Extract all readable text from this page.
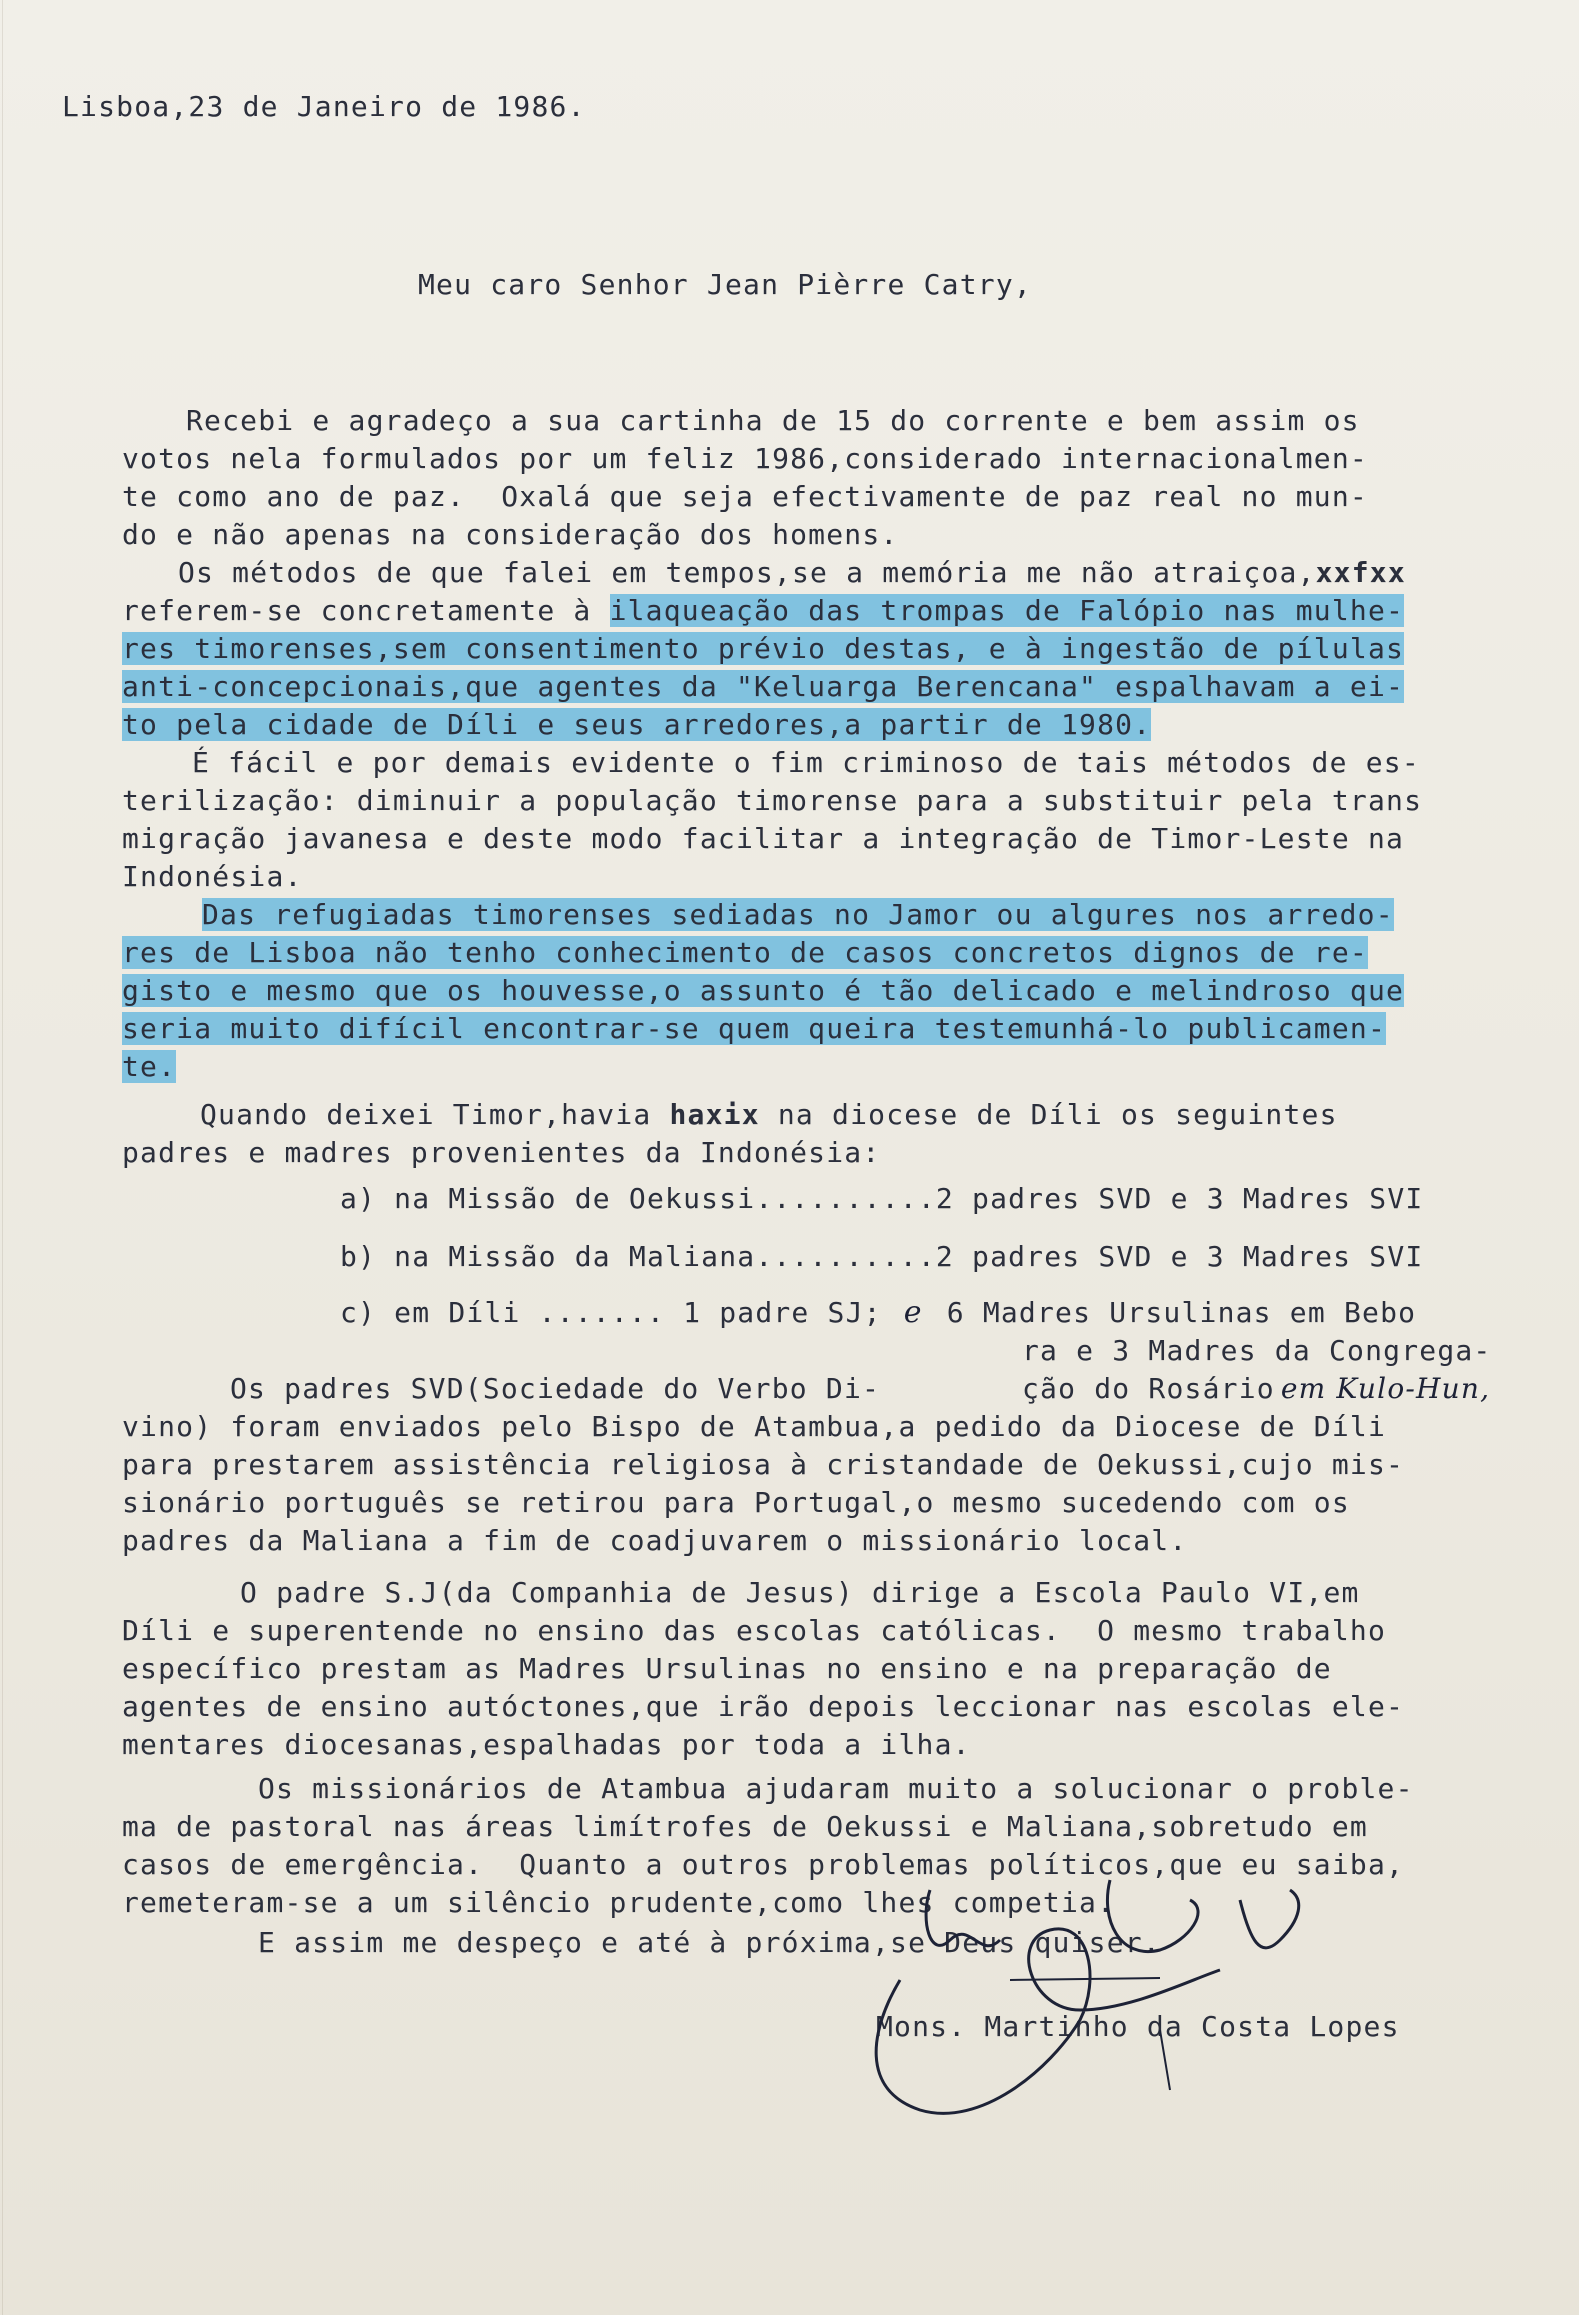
Lisboa,23 de Janeiro de 1986.
Meu caro Senhor Jean Pièrre Catry,
Recebi e agradeço a sua cartinha de 15 do corrente e bem assim os
votos nela formulados por um feliz 1986,considerado internacionalmen-
te como ano de paz.  Oxalá que seja efectivamente de paz real no mun-
do e não apenas na consideração dos homens.
Os métodos de que falei em tempos,se a memória me não atraiçoa,xxfxx
referem-se concretamente à ilaqueação das trompas de Falópio nas mulhe-
res timorenses,sem consentimento prévio destas, e à ingestão de pílulas
anti-concepcionais,que agentes da "Keluarga Berencana" espalhavam a ei-
to pela cidade de Díli e seus arredores,a partir de 1980.
É fácil e por demais evidente o fim criminoso de tais métodos de es-
terilização: diminuir a população timorense para a substituir pela trans
migração javanesa e deste modo facilitar a integração de Timor-Leste na
Indonésia.
Das refugiadas timorenses sediadas no Jamor ou algures nos arredo-
res de Lisboa não tenho conhecimento de casos concretos dignos de re-
gisto e mesmo que os houvesse,o assunto é tão delicado e melindroso que
seria muito difícil encontrar-se quem queira testemunhá-lo publicamen-
te.
Quando deixei Timor,havia haxix na diocese de Díli os seguintes
padres e madres provenientes da Indonésia:
a) na Missão de Oekussi..........2 padres SVD e 3 Madres SVI
b) na Missão da Maliana..........2 padres SVD e 3 Madres SVI
c) em Díli ....... 1 padre SJ; e 6 Madres Ursulinas em Bebo
ra e 3 Madres da Congrega-
Os padres SVD(Sociedade do Verbo Di-	ção do Rosário em Kulo-Hun,
vino) foram enviados pelo Bispo de Atambua,a pedido da Diocese de Díli
para prestarem assistência religiosa à cristandade de Oekussi,cujo mis-
sionário português se retirou para Portugal,o mesmo sucedendo com os
padres da Maliana a fim de coadjuvarem o missionário local.
O padre S.J(da Companhia de Jesus) dirige a Escola Paulo VI,em
Díli e superentende no ensino das escolas católicas.  O mesmo trabalho
específico prestam as Madres Ursulinas no ensino e na preparação de
agentes de ensino autóctones,que irão depois leccionar nas escolas ele-
mentares diocesanas,espalhadas por toda a ilha.
Os missionários de Atambua ajudaram muito a solucionar o proble-
ma de pastoral nas áreas limítrofes de Oekussi e Maliana,sobretudo em
casos de emergência.  Quanto a outros problemas políticos,que eu saiba,
remeteram-se a um silêncio prudente,como lhes competia.
E assim me despeço e até à próxima,se Deus quiser.
Mons. Martinho da Costa Lopes
